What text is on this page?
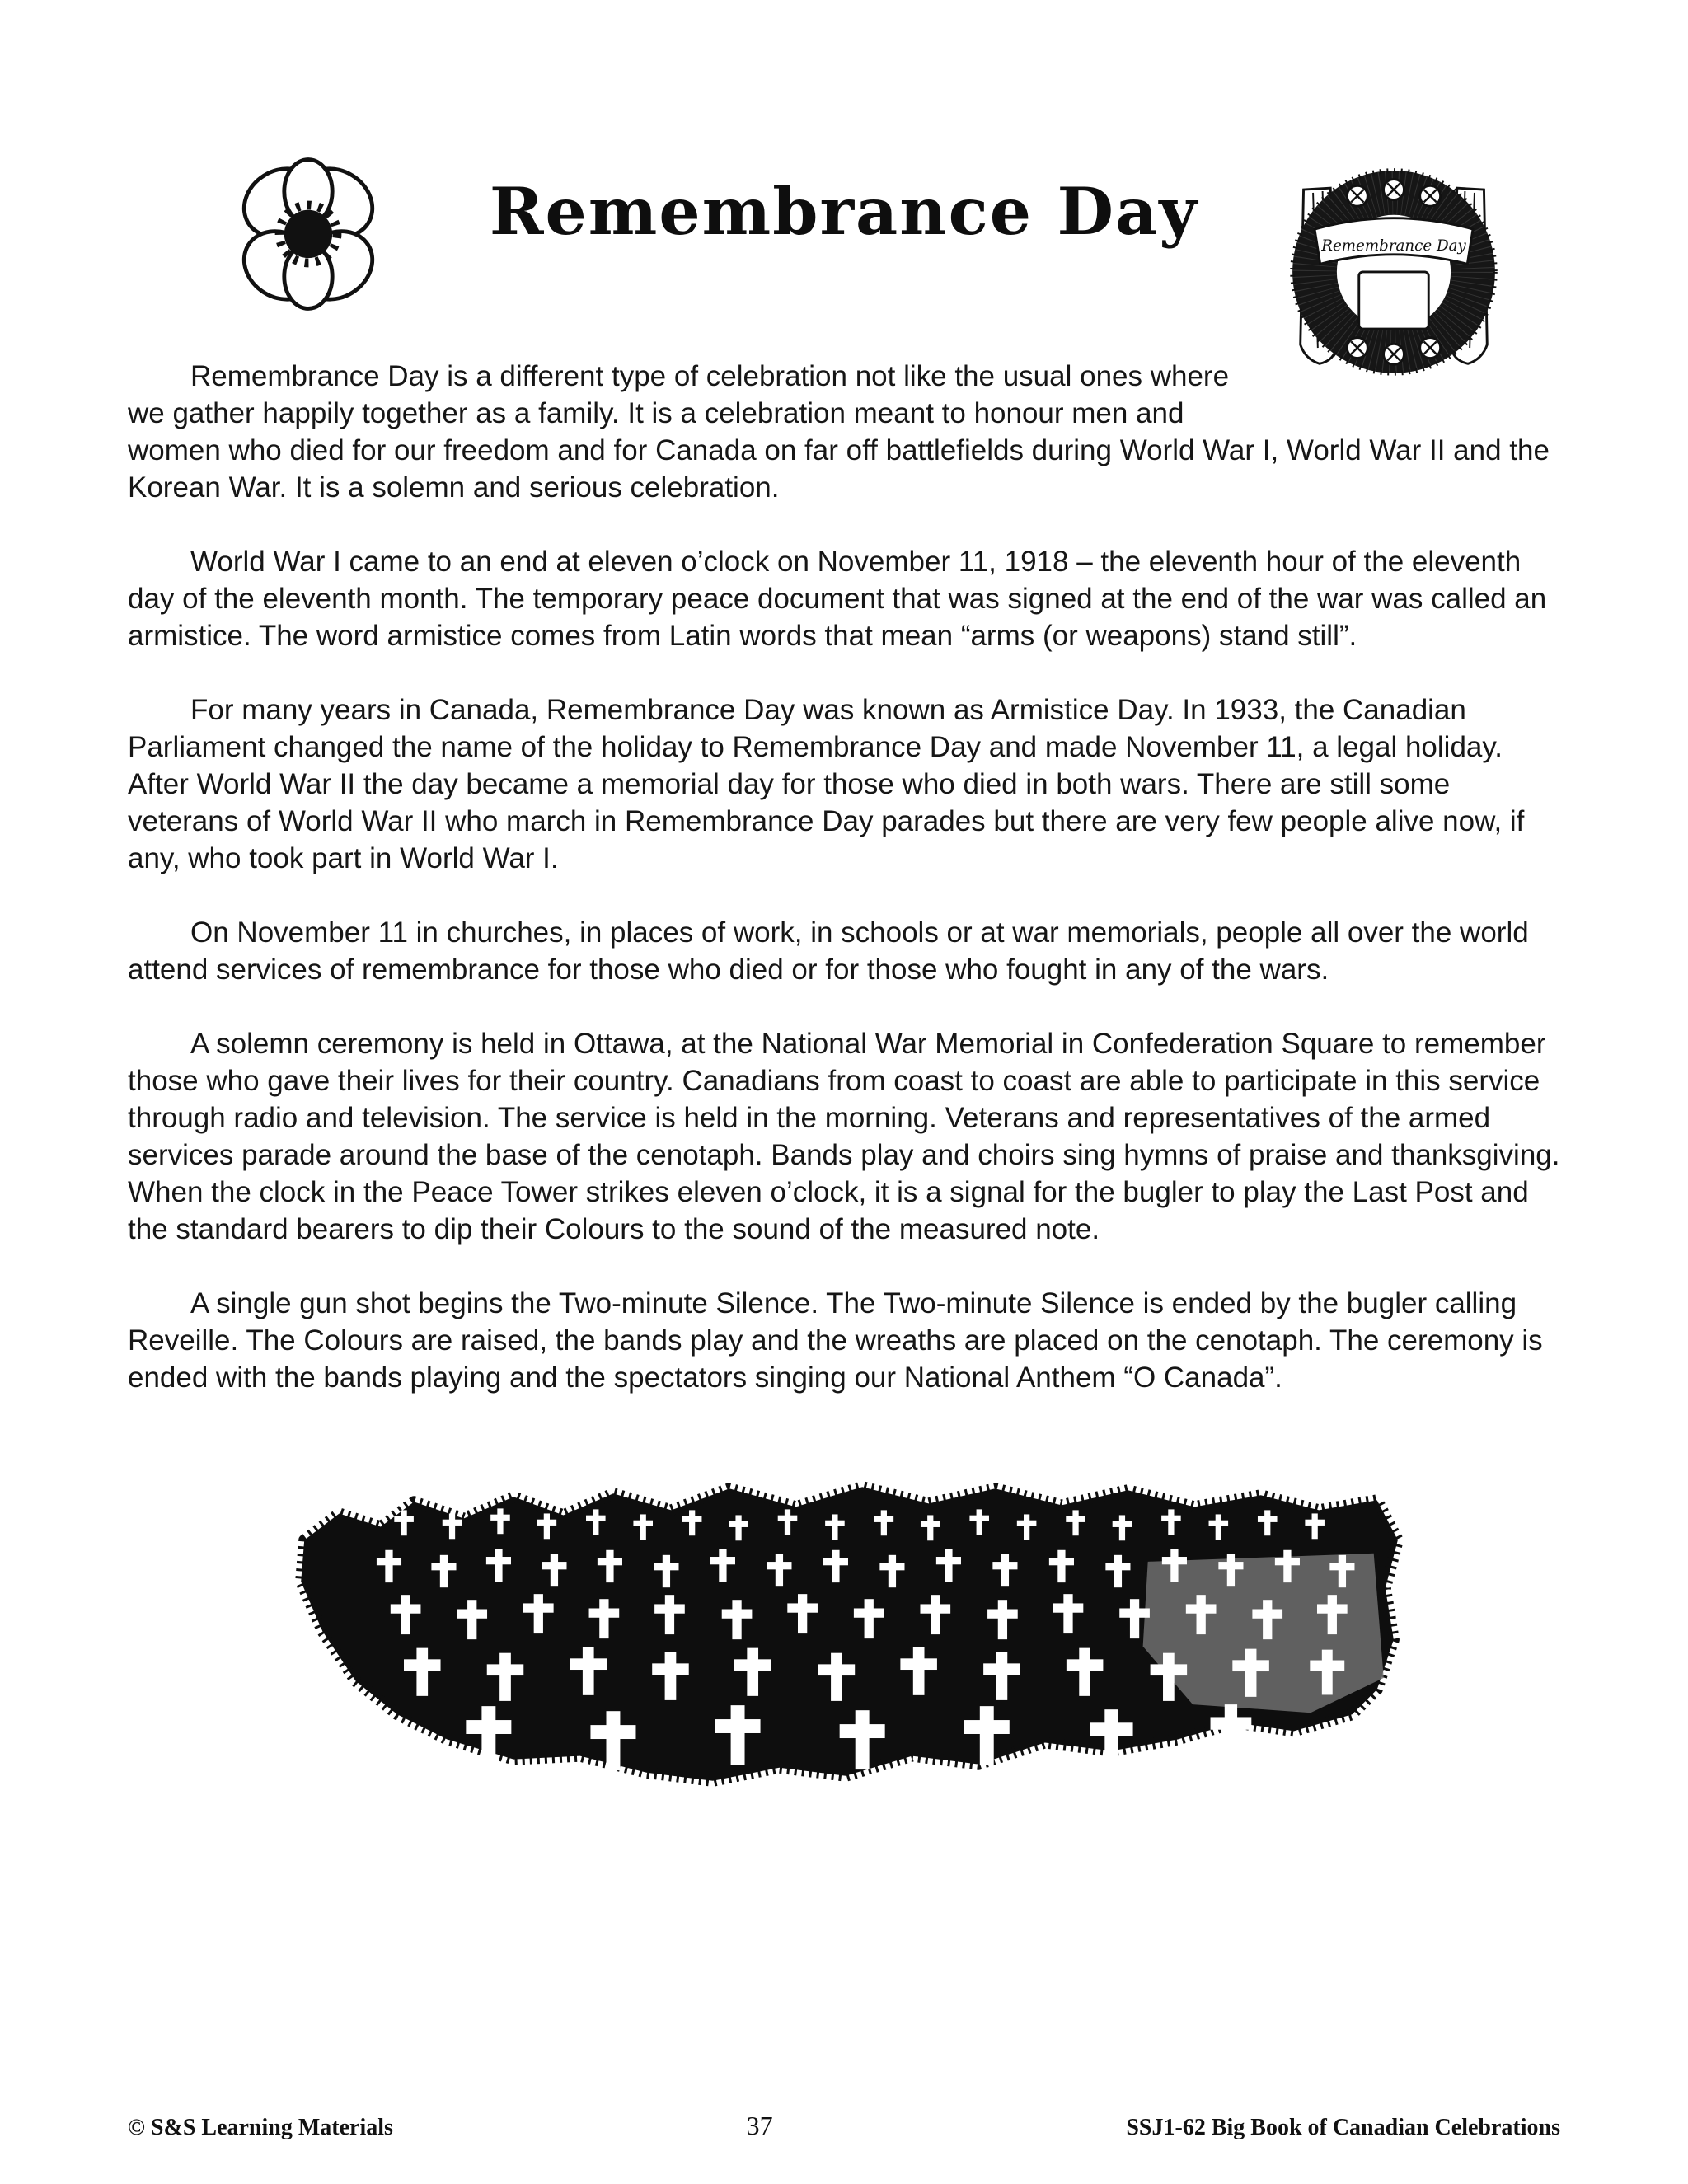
Remembrance Day	Remembrance Day

Remembrance Day is a different type of celebration not like the usual ones where we gather happily together as a family. It is a celebration meant to honour men and women who died for our freedom and for Canada on far off battlefields during World War I, World War II and the Korean War. It is a solemn and serious celebration.

World War I came to an end at eleven o’clock on November 11, 1918 – the eleventh hour of the eleventh day of the eleventh month. The temporary peace document that was signed at the end of the war was called an armistice. The word armistice comes from Latin words that mean “arms (or weapons) stand still”.

For many years in Canada, Remembrance Day was known as Armistice Day. In 1933, the Canadian Parliament changed the name of the holiday to Remembrance Day and made November 11, a legal holiday. After World War II the day became a memorial day for those who died in both wars. There are still some veterans of World War II who march in Remembrance Day parades but there are very few people alive now, if any, who took part in World War I.

On November 11 in churches, in places of work, in schools or at war memorials, people all over the world attend services of remembrance for those who died or for those who fought in any of the wars.

A solemn ceremony is held in Ottawa, at the National War Memorial in Confederation Square to remember those who gave their lives for their country. Canadians from coast to coast are able to participate in this service through radio and television. The service is held in the morning. Veterans and representatives of the armed services parade around the base of the cenotaph. Bands play and choirs sing hymns of praise and thanksgiving. When the clock in the Peace Tower strikes eleven o’clock, it is a signal for the bugler to play the Last Post and the standard bearers to dip their Colours to the sound of the measured note.

A single gun shot begins the Two-minute Silence. The Two-minute Silence is ended by the bugler calling Reveille. The Colours are raised, the bands play and the wreaths are placed on the cenotaph. The ceremony is ended with the bands playing and the spectators singing our National Anthem “O Canada”.

© S&S Learning Materials	37	SSJ1-62 Big Book of Canadian Celebrations
